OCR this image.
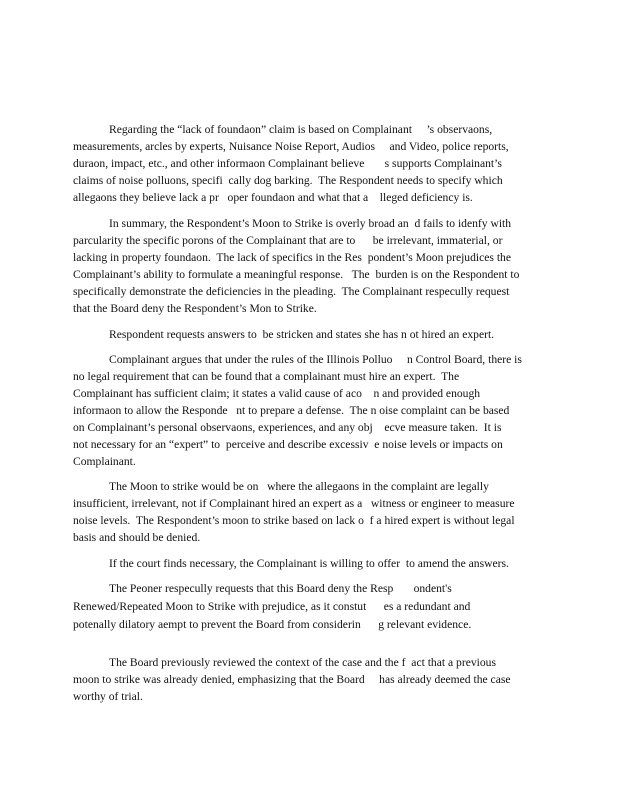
Regarding the “lack of foundaon” claim is based on Complainant     ’s observaons,
measurements, arcles by experts, Nuisance Noise Report, Audios     and Video, police reports,
duraon, impact, etc., and other informaon Complainant believe       s supports Complainant’s
claims of noise polluons, specifi  cally dog barking.  The Respondent needs to specify which
allegaons they believe lack a pr   oper foundaon and what that a    lleged deficiency is.
In summary, the Respondent’s Moon to Strike is overly broad an  d fails to idenfy with
parcularity the specific porons of the Complainant that are to      be irrelevant, immaterial, or
lacking in property foundaon.  The lack of specifics in the Res  pondent’s Moon prejudices the
Complainant’s ability to formulate a meaningful response.   The  burden is on the Respondent to
specifically demonstrate the deficiencies in the pleading.  The Complainant respecully request
that the Board deny the Respondent’s Mon to Strike.
Respondent requests answers to  be stricken and states she has n ot hired an expert.
Complainant argues that under the rules of the Illinois Polluo     n Control Board, there is
no legal requirement that can be found that a complainant must hire an expert.  The
Complainant has sufficient claim; it states a valid cause of aco    n and provided enough
informaon to allow the Responde   nt to prepare a defense.  The n oise complaint can be based
on Complainant’s personal observaons, experiences, and any obj    ecve measure taken.  It is
not necessary for an “expert” to  perceive and describe excessiv  e noise levels or impacts on
Complainant.
The Moon to strike would be on   where the allegaons in the complaint are legally
insufficient, irrelevant, not if Complainant hired an expert as a   witness or engineer to measure
noise levels.  The Respondent’s moon to strike based on lack o  f a hired expert is without legal
basis and should be denied.
If the court finds necessary, the Complainant is willing to offer  to amend the answers.
The Peoner respecully requests that this Board deny the Resp       ondent's
Renewed/Repeated Moon to Strike with prejudice, as it constut      es a redundant and
potenally dilatory aempt to prevent the Board from considerin      g relevant evidence.
The Board previously reviewed the context of the case and the f  act that a previous
moon to strike was already denied, emphasizing that the Board     has already deemed the case
worthy of trial.
